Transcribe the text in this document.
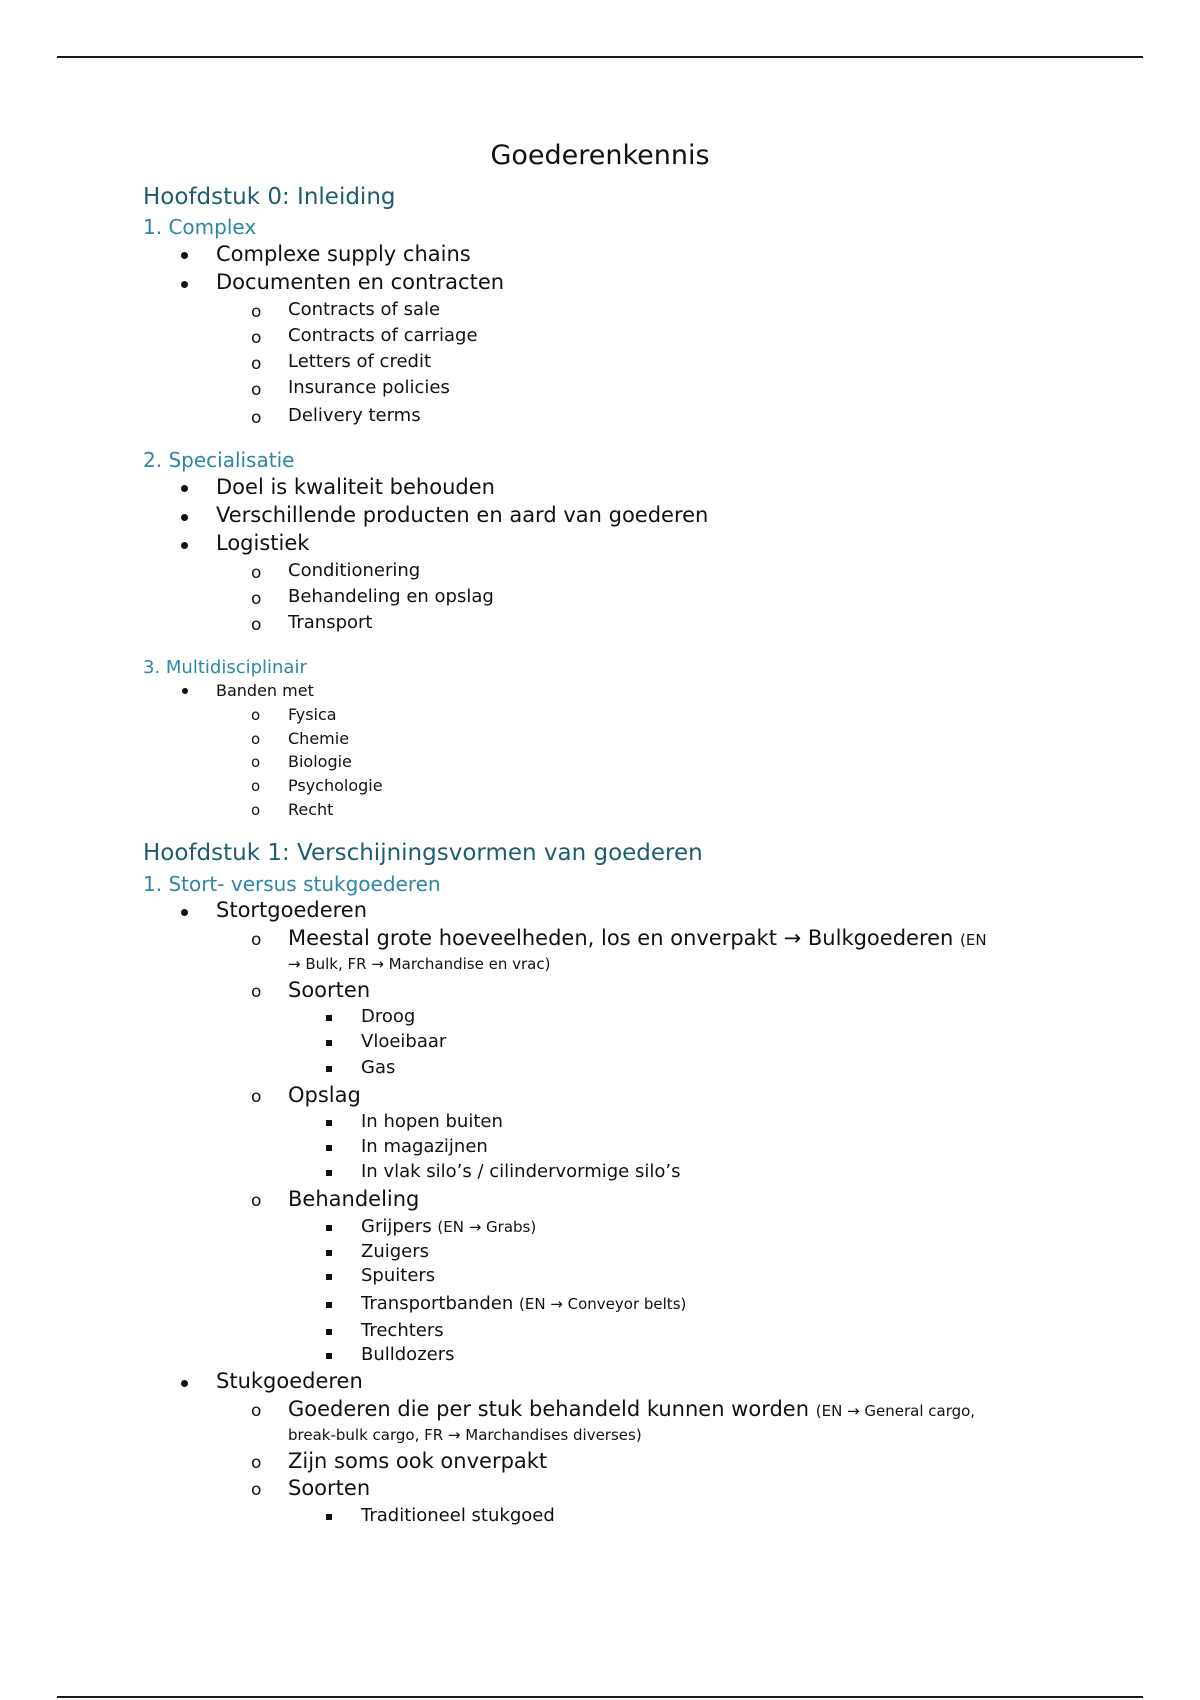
Goederenkennis
Hoofdstuk 0: Inleiding
1. Complex
Complexe supply chains
Documenten en contracten
o Contracts of sale
o Contracts of carriage
o Letters of credit
o Insurance policies
o Delivery terms
2. Specialisatie
Doel is kwaliteit behouden
Verschillende producten en aard van goederen
Logistiek
o Conditionering
o Behandeling en opslag
o Transport
3. Multidisciplinair
Banden met
o Fysica
o Chemie
o Biologie
o Psychologie
o Recht
Hoofdstuk 1: Verschijningsvormen van goederen
1. Stort- versus stukgoederen
Stortgoederen
o Meestal grote hoeveelheden, los en onverpakt → Bulkgoederen (EN
→ Bulk, FR → Marchandise en vrac)
o Soorten
Droog
Vloeibaar
Gas
o Opslag
In hopen buiten
In magazijnen
In vlak silo’s / cilindervormige silo’s
o Behandeling
Grijpers (EN → Grabs)
Zuigers
Spuiters
Transportbanden (EN → Conveyor belts)
Trechters
Bulldozers
Stukgoederen
o Goederen die per stuk behandeld kunnen worden (EN → General cargo,
break-bulk cargo, FR → Marchandises diverses)
o Zijn soms ook onverpakt
o Soorten
Traditioneel stukgoed
